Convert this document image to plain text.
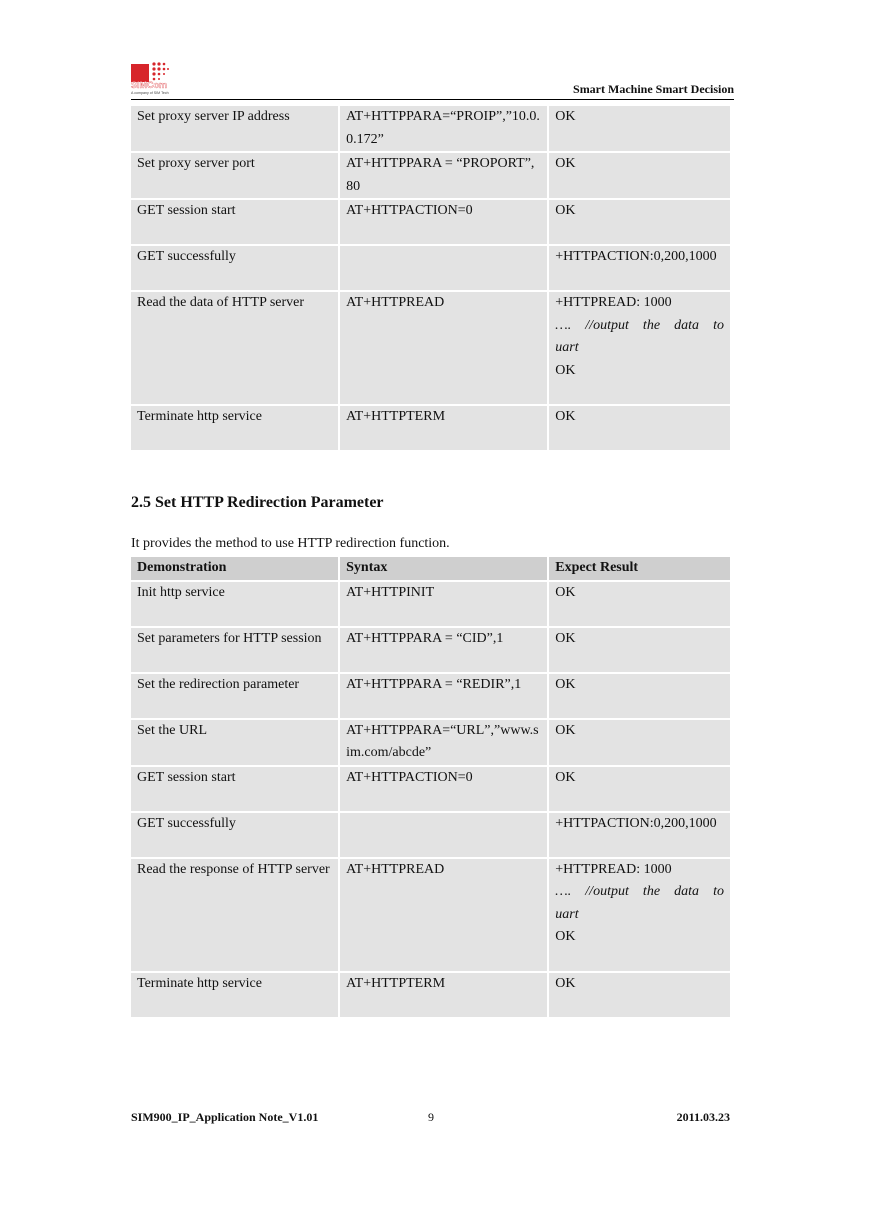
SIMCom
A company of SIM Tech	Smart Machine Smart Decision
Set proxy server IP address	AT+HTTPPARA=“PROIP”,”10.0.0.172”	OK
Set proxy server port	AT+HTTPPARA = “PROPORT”,80	OK
GET session start	AT+HTTPACTION=0	OK
GET successfully		+HTTPACTION:0,200,1000
Read the data of HTTP server	AT+HTTPREAD	+HTTPREAD: 1000
…. //output the data to
uart
OK

Terminate http service	AT+HTTPTERM	OK
2.5 Set HTTP Redirection Parameter
It provides the method to use HTTP redirection function.
Demonstration	Syntax	Expect Result
Init http service	AT+HTTPINIT	OK
Set parameters for HTTP session	AT+HTTPPARA = “CID”,1	OK
Set the redirection parameter	AT+HTTPPARA = “REDIR”,1	OK
Set the URL	AT+HTTPPARA=“URL”,”www.sim.com/abcde”	OK
GET session start	AT+HTTPACTION=0	OK
GET successfully		+HTTPACTION:0,200,1000
Read the response of HTTP server	AT+HTTPREAD	+HTTPREAD: 1000
…. //output the data to
uart
OK

Terminate http service	AT+HTTPTERM	OK
SIM900_IP_Application Note_V1.01	9	2011.03.23
